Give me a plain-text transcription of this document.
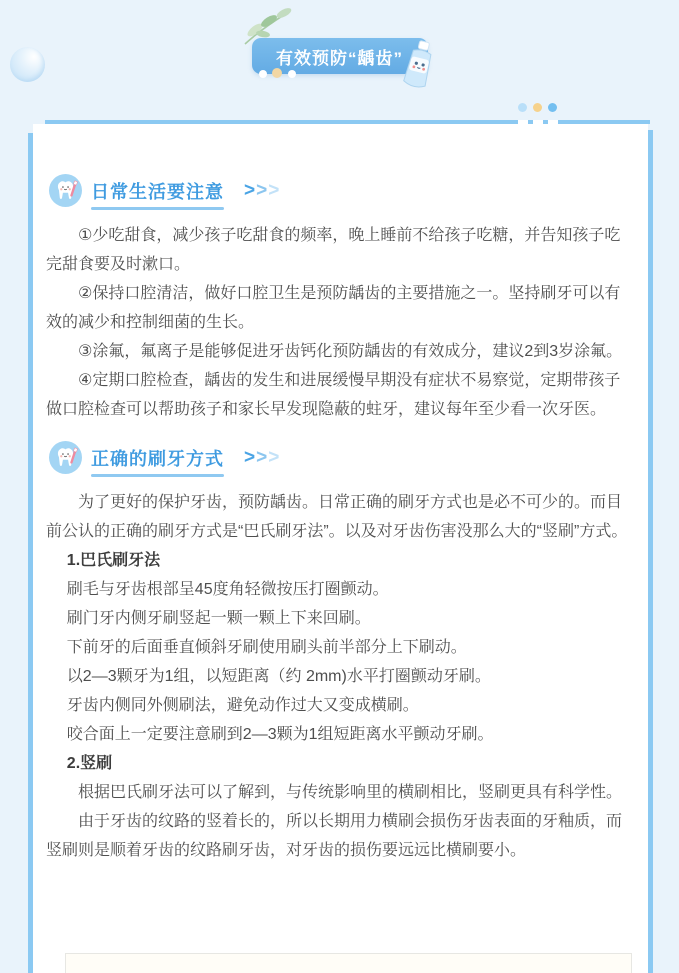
有效预防“龋齿”
日常生活要注意 >>>

①少吃甜食，减少孩子吃甜食的频率，晚上睡前不给孩子吃糖，并告知孩子吃完甜食要及时漱口。

②保持口腔清洁，做好口腔卫生是预防龋齿的主要措施之一。坚持刷牙可以有效的减少和控制细菌的生长。

③涂氟，氟离子是能够促进牙齿钙化预防龋齿的有效成分，建议2到3岁涂氟。

④定期口腔检查，龋齿的发生和进展缓慢早期没有症状不易察觉，定期带孩子做口腔检查可以帮助孩子和家长早发现隐蔽的蛀牙，建议每年至少看一次牙医。

正确的刷牙方式 >>>

为了更好的保护牙齿，预防龋齿。日常正确的刷牙方式也是必不可少的。而目前公认的正确的刷牙方式是“巴氏刷牙法”。以及对牙齿伤害没那么大的“竖刷”方式。

1.巴氏刷牙法

刷毛与牙齿根部呈45度角轻微按压打圈颤动。

刷门牙内侧牙刷竖起一颗一颗上下来回刷。

下前牙的后面垂直倾斜牙刷使用刷头前半部分上下刷动。

以2—3颗牙为1组，以短距离（约 2mm)水平打圈颤动牙刷。

牙齿内侧同外侧刷法，避免动作过大又变成横刷。

咬合面上一定要注意刷到2—3颗为1组短距离水平颤动牙刷。

2.竖刷

根据巴氏刷牙法可以了解到，与传统影响里的横刷相比，竖刷更具有科学性。

由于牙齿的纹路的竖着长的，所以长期用力横刷会损伤牙齿表面的牙釉质，而竖刷则是顺着牙齿的纹路刷牙齿，对牙齿的损伤要远远比横刷要小。
